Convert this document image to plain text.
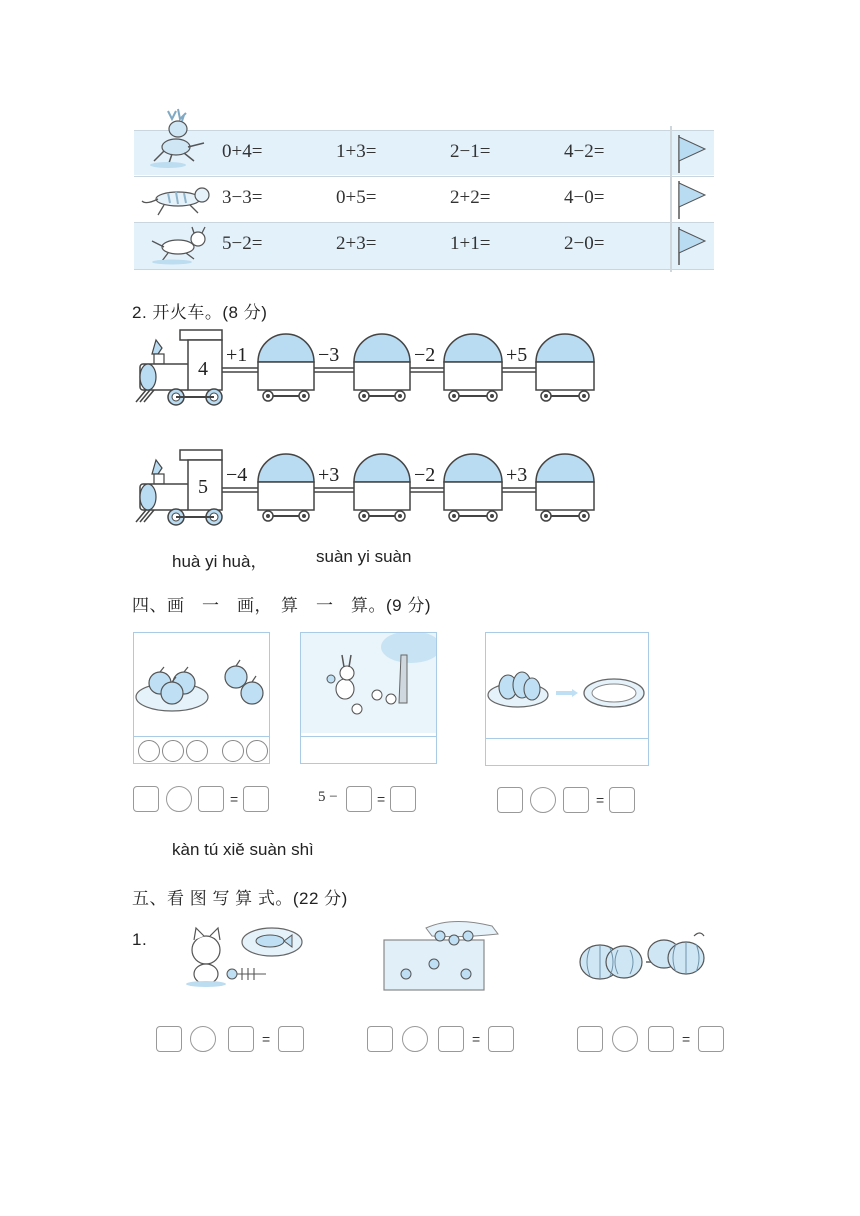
0+4=	1+3=	2−1=	4−2=
3−3=	0+5=	2+2=	4−0=
5−2=	2+3=	1+1=	2−0=
2. 开火车。(8 分)
4
+1	−3	−2	+5
5
−4	+3	−2	+3
huà yi huà，	suàn yi suàn
四、画　一　画，　算　一　算。(9 分)
=	5 −	=	=
kàn tú xiě suàn shì
五、看 图 写 算 式。(22 分)
1.
=	=	=
